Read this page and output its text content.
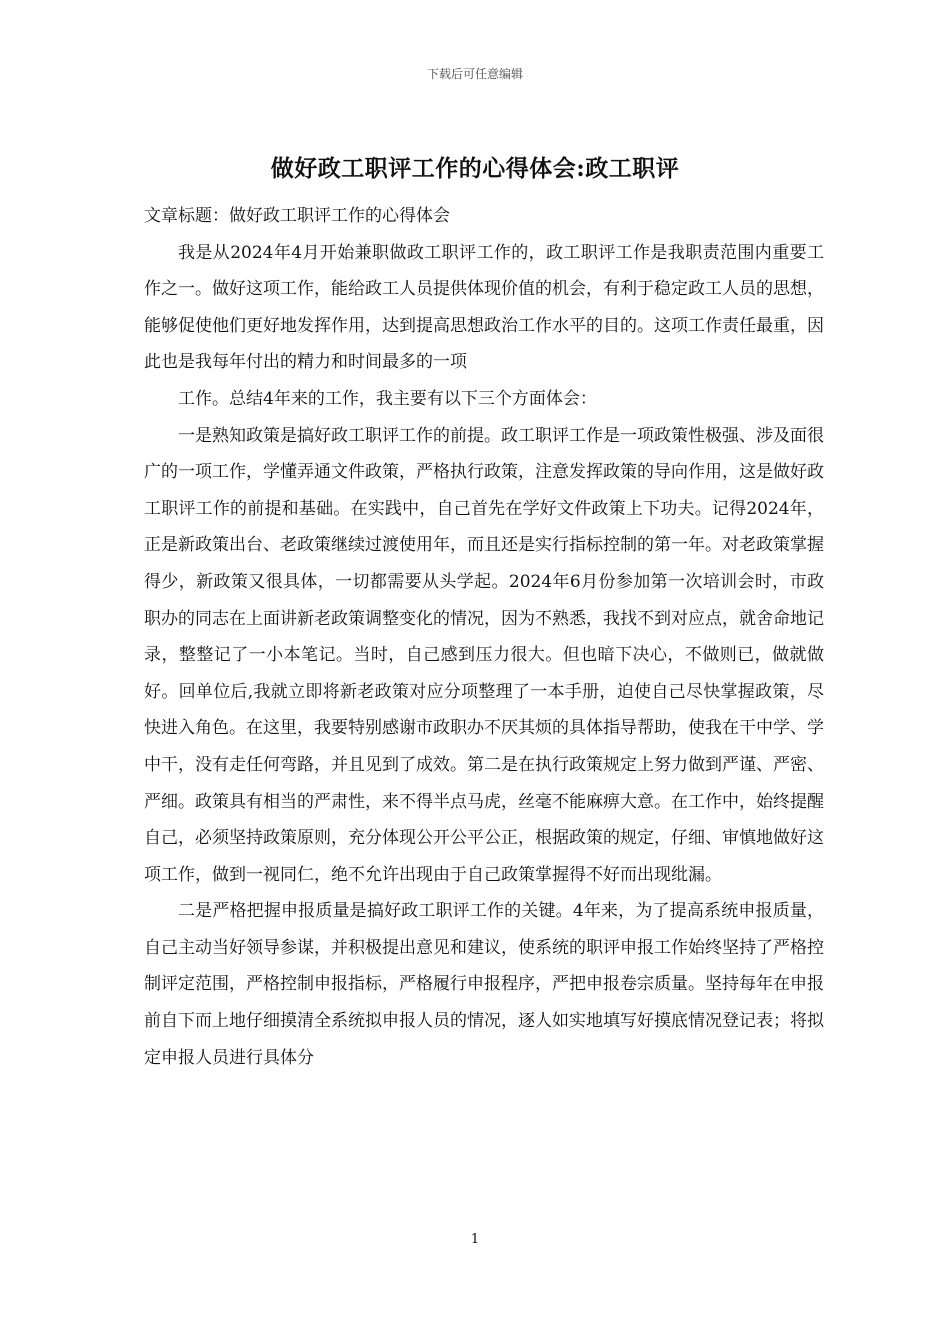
下载后可任意编辑
做好政工职评工作的心得体会:政工职评

文章标题：做好政工职评工作的心得体会

我是从2024年4月开始兼职做政工职评工作的，政工职评工作是我职责范围内重要工作之一。做好这项工作，能给政工人员提供体现价值的机会，有利于稳定政工人员的思想，能够促使他们更好地发挥作用，达到提高思想政治工作水平的目的。这项工作责任最重，因此也是我每年付出的精力和时间最多的一项

工作。总结4年来的工作，我主要有以下三个方面体会：

一是熟知政策是搞好政工职评工作的前提。政工职评工作是一项政策性极强、涉及面很广的一项工作，学懂弄通文件政策，严格执行政策，注意发挥政策的导向作用，这是做好政工职评工作的前提和基础。在实践中，自己首先在学好文件政策上下功夫。记得2024年，正是新政策出台、老政策继续过渡使用年，而且还是实行指标控制的第一年。对老政策掌握得少，新政策又很具体，一切都需要从头学起。2024年6月份参加第一次培训会时，市政职办的同志在上面讲新老政策调整变化的情况，因为不熟悉，我找不到对应点，就舍命地记录，整整记了一小本笔记。当时，自己感到压力很大。但也暗下决心，不做则已，做就做好。回单位后,我就立即将新老政策对应分项整理了一本手册，迫使自己尽快掌握政策，尽快进入角色。在这里，我要特别感谢市政职办不厌其烦的具体指导帮助，使我在干中学、学中干，没有走任何弯路，并且见到了成效。第二是在执行政策规定上努力做到严谨、严密、严细。政策具有相当的严肃性，来不得半点马虎，丝毫不能麻痹大意。在工作中，始终提醒自己，必须坚持政策原则，充分体现公开公平公正，根据政策的规定，仔细、审慎地做好这项工作，做到一视同仁，绝不允许出现由于自己政策掌握得不好而出现纰漏。

二是严格把握申报质量是搞好政工职评工作的关键。4年来，为了提高系统申报质量，自己主动当好领导参谋，并积极提出意见和建议，使系统的职评申报工作始终坚持了严格控制评定范围，严格控制申报指标，严格履行申报程序，严把申报卷宗质量。坚持每年在申报前自下而上地仔细摸清全系统拟申报人员的情况，逐人如实地填写好摸底情况登记表；将拟定申报人员进行具体分

1
